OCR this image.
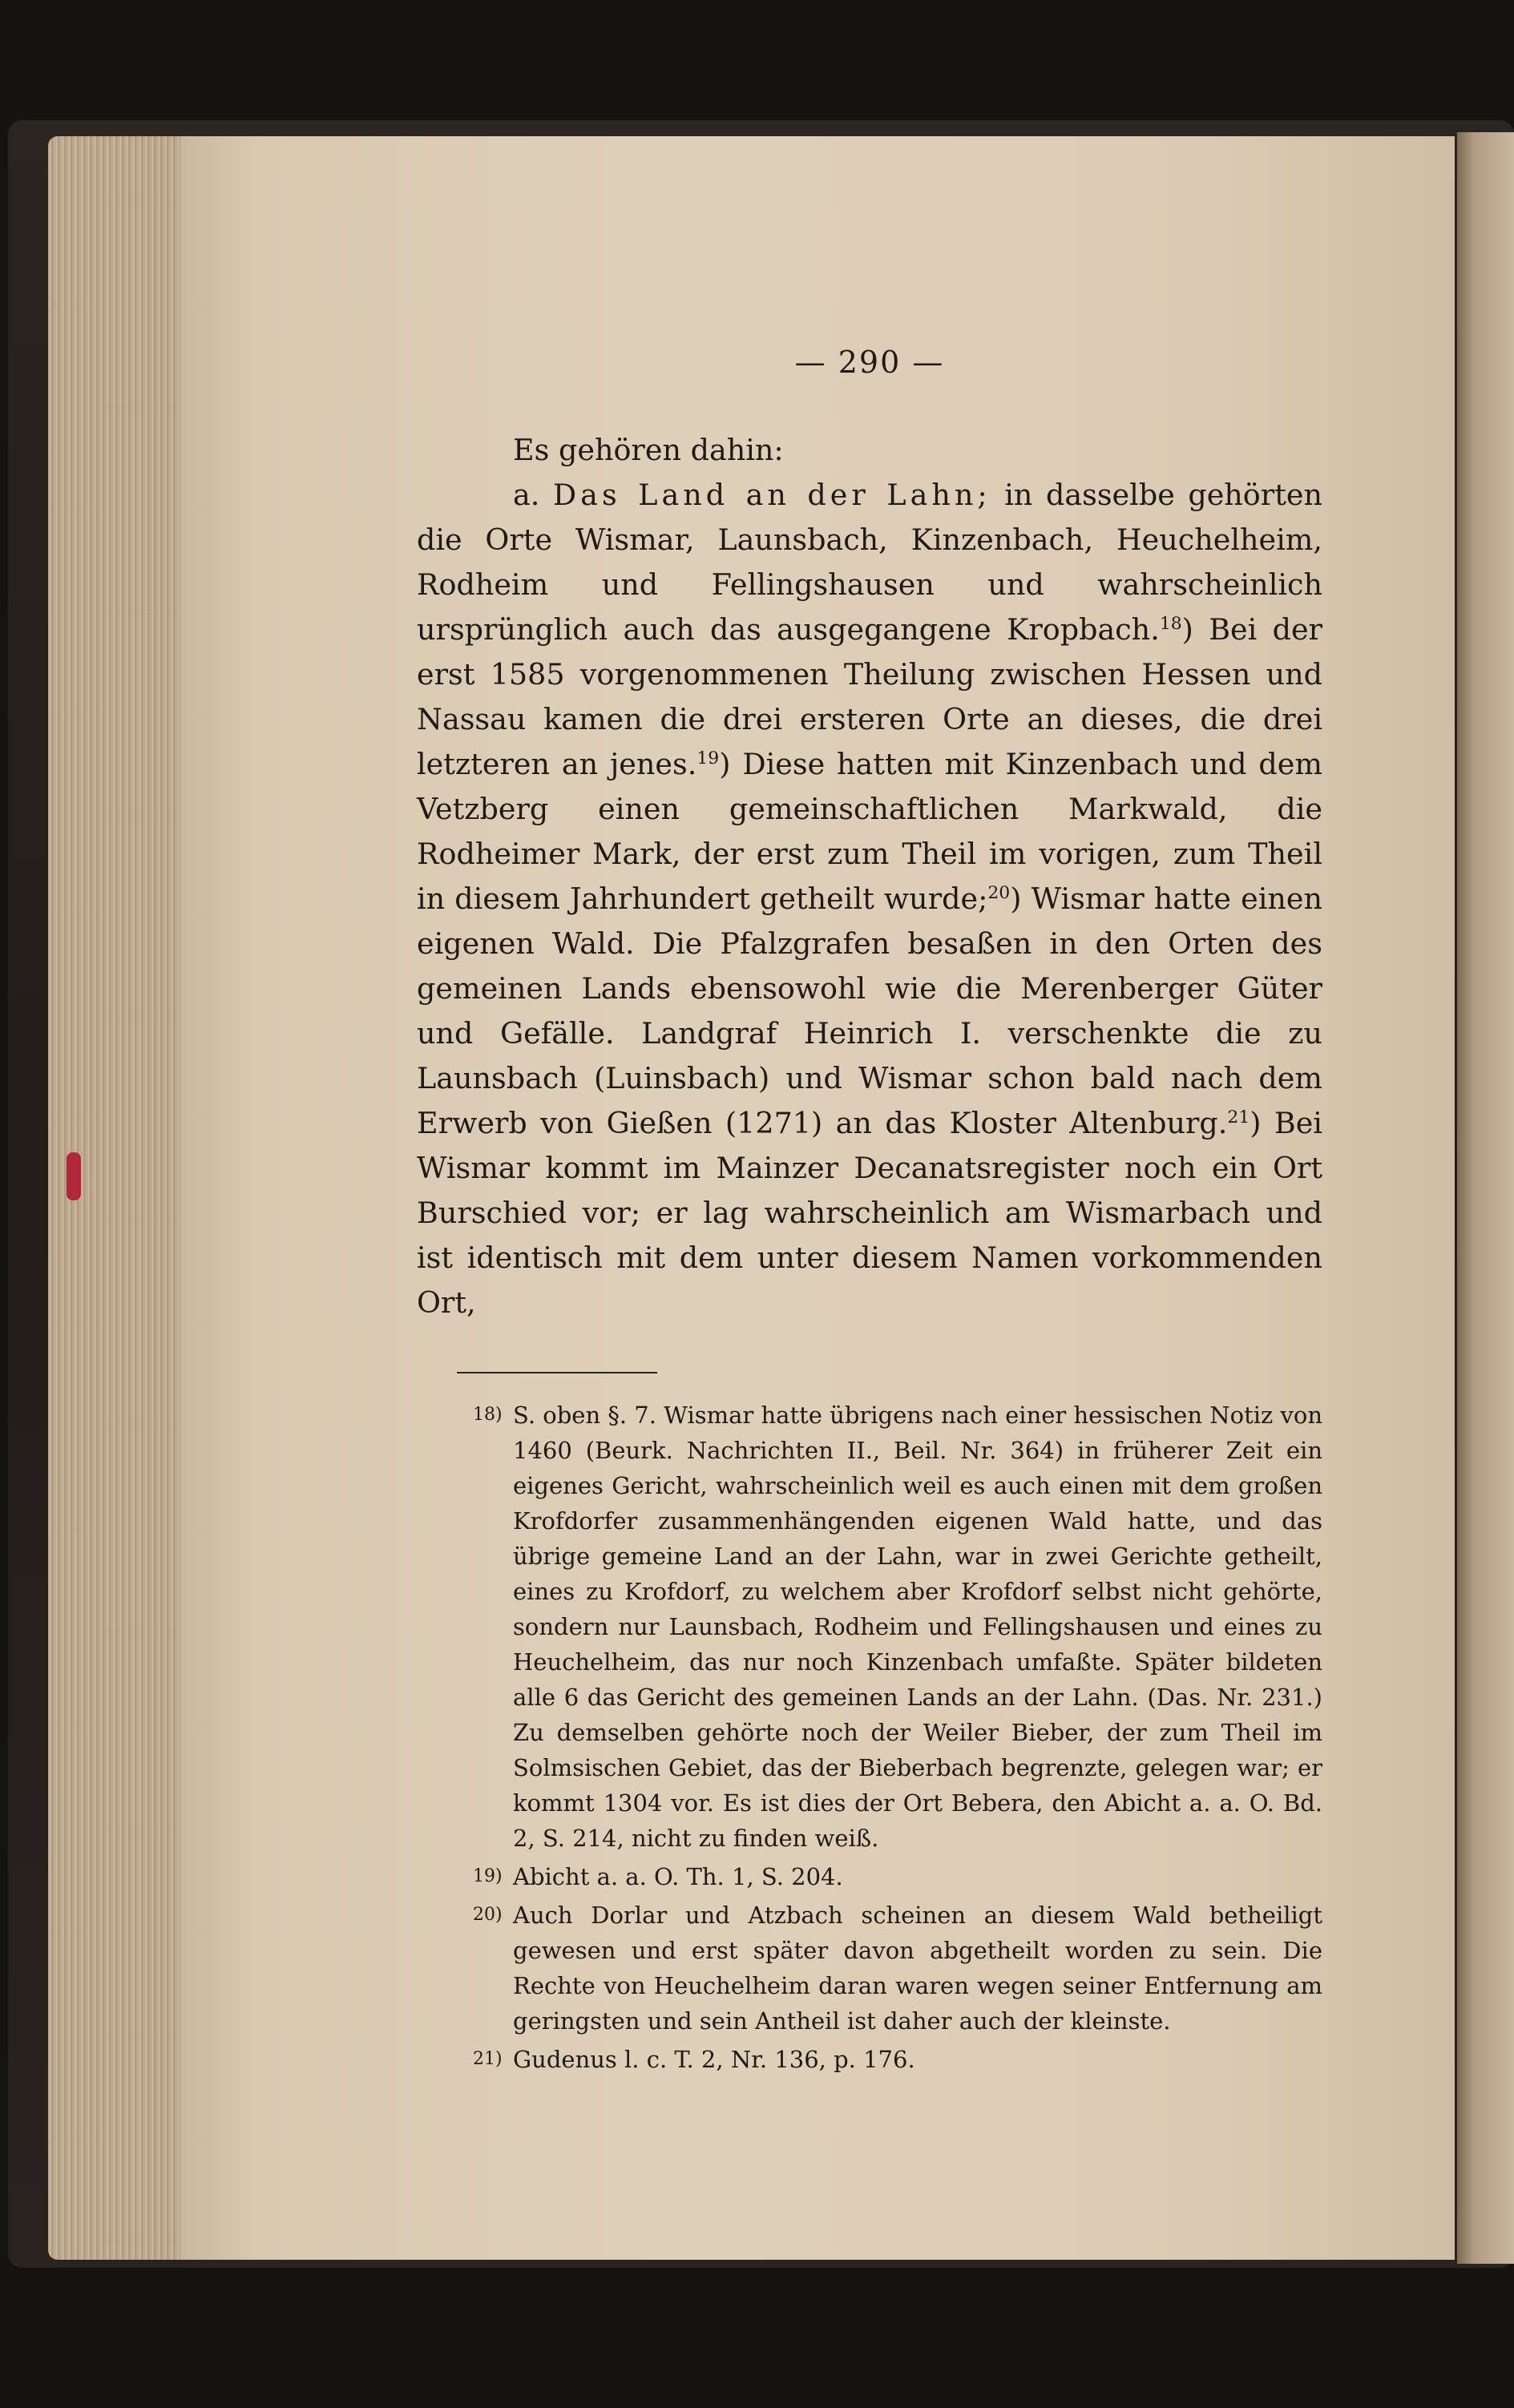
— 290 —

Es gehören dahin:

a. Das Land an der Lahn; in dasselbe gehörten die Orte Wismar, Launsbach, Kinzenbach, Heuchelheim, Rodheim und Fellingshausen und wahrscheinlich ursprünglich auch das ausgegangene Kropbach.$^{18}$) Bei der erst 1585 vorgenommenen Theilung zwischen Hessen und Nassau kamen die drei ersteren Orte an dieses, die drei letzteren an jenes.$^{19}$) Diese hatten mit Kinzenbach und dem Vetzberg einen gemeinschaftlichen Markwald, die Rodheimer Mark, der erst zum Theil im vorigen, zum Theil in diesem Jahrhundert getheilt wurde;$^{20}$) Wismar hatte einen eigenen Wald. Die Pfalzgrafen besaßen in den Orten des gemeinen Lands ebensowohl wie die Merenberger Güter und Gefälle. Landgraf Heinrich I. verschenkte die zu Launsbach (Luinsbach) und Wismar schon bald nach dem Erwerb von Gießen (1271) an das Kloster Altenburg.$^{21}$) Bei Wismar kommt im Mainzer Decanatsregister noch ein Ort Burschied vor; er lag wahrscheinlich am Wismarbach und ist identisch mit dem unter diesem Namen vorkommenden Ort,

18) S. oben §. 7. Wismar hatte übrigens nach einer hessischen Notiz von 1460 (Beurk. Nachrichten II., Beil. Nr. 364) in früherer Zeit ein eigenes Gericht, wahrscheinlich weil es auch einen mit dem großen Krofdorfer zusammenhängenden eigenen Wald hatte, und das übrige gemeine Land an der Lahn, war in zwei Gerichte getheilt, eines zu Krofdorf, zu welchem aber Krofdorf selbst nicht gehörte, sondern nur Launsbach, Rodheim und Fellingshausen und eines zu Heuchelheim, das nur noch Kinzenbach umfaßte. Später bildeten alle 6 das Gericht des gemeinen Lands an der Lahn. (Das. Nr. 231.) Zu demselben gehörte noch der Weiler Bieber, der zum Theil im Solmsischen Gebiet, das der Bieberbach begrenzte, gelegen war; er kommt 1304 vor. Es ist dies der Ort Bebera, den Abicht a. a. O. Bd. 2, S. 214, nicht zu finden weiß.
19) Abicht a. a. O. Th. 1, S. 204.
20) Auch Dorlar und Atzbach scheinen an diesem Wald betheiligt gewesen und erst später davon abgetheilt worden zu sein. Die Rechte von Heuchelheim daran waren wegen seiner Entfernung am geringsten und sein Antheil ist daher auch der kleinste.
21) Gudenus l. c. T. 2, Nr. 136, p. 176.
